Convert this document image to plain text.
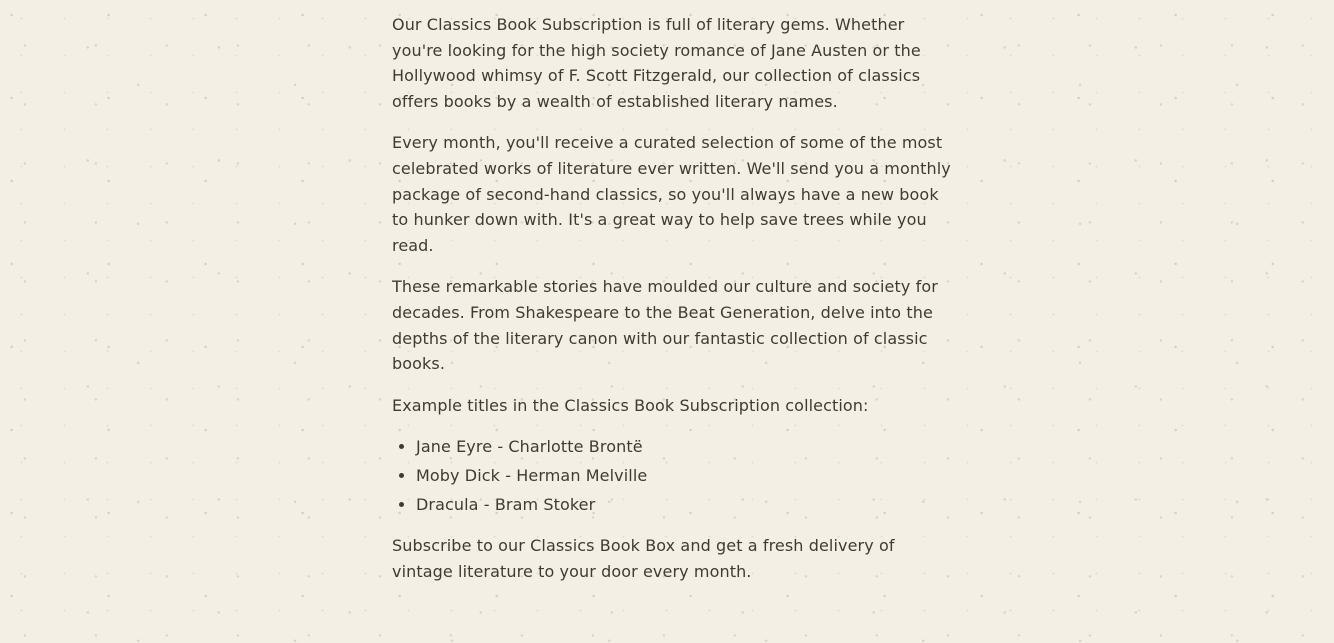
Our Classics Book Subscription is full of literary gems. Whether you're looking for the high society romance of Jane Austen or the Hollywood whimsy of F. Scott Fitzgerald, our collection of classics offers books by a wealth of established literary names.

Every month, you'll receive a curated selection of some of the most celebrated works of literature ever written. We'll send you a monthly package of second-hand classics, so you'll always have a new book to hunker down with. It's a great way to help save trees while you read.

These remarkable stories have moulded our culture and society for decades. From Shakespeare to the Beat Generation, delve into the depths of the literary canon with our fantastic collection of classic books.

Example titles in the Classics Book Subscription collection:

• Jane Eyre - Charlotte Brontë
• Moby Dick - Herman Melville
• Dracula - Bram Stoker

Subscribe to our Classics Book Box and get a fresh delivery of vintage literature to your door every month.
